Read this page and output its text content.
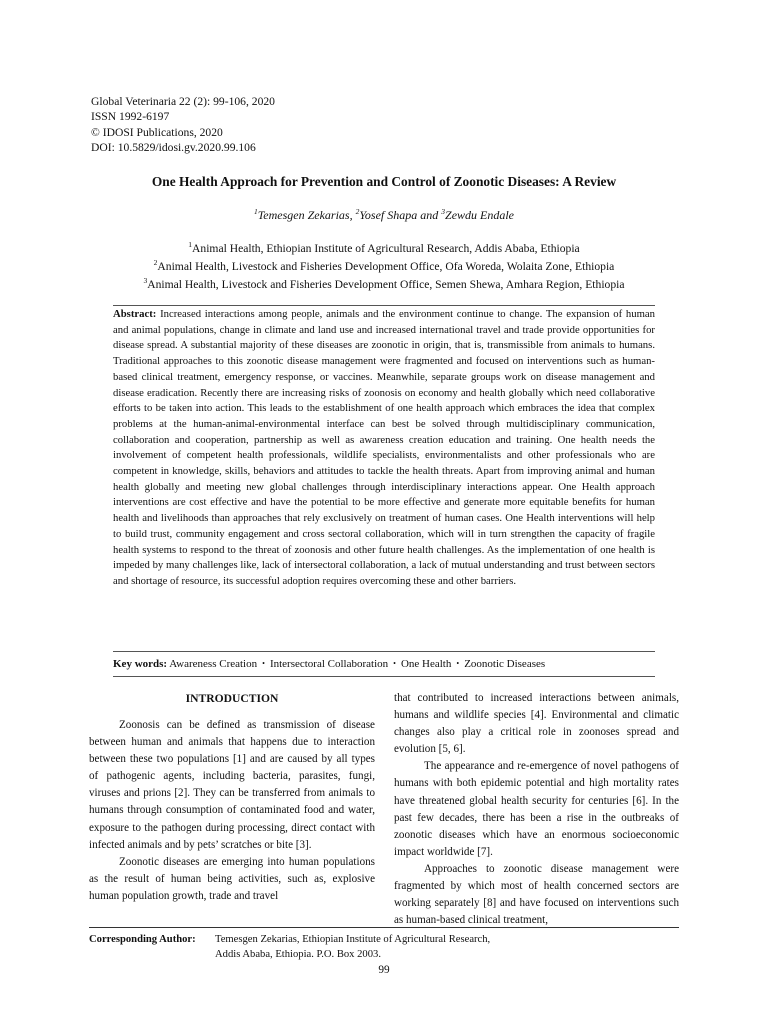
Global Veterinaria 22 (2): 99-106, 2020
ISSN 1992-6197
© IDOSI Publications, 2020
DOI: 10.5829/idosi.gv.2020.99.106
One Health Approach for Prevention and Control of Zoonotic Diseases: A Review
$^1$Temesgen Zekarias, $^2$Yosef Shapa and $^3$Zewdu Endale
$^1$Animal Health, Ethiopian Institute of Agricultural Research, Addis Ababa, Ethiopia
$^2$Animal Health, Livestock and Fisheries Development Office, Ofa Woreda, Wolaita Zone, Ethiopia
$^3$Animal Health, Livestock and Fisheries Development Office, Semen Shewa, Amhara Region, Ethiopia
Abstract: Increased interactions among people, animals and the environment continue to change. The expansion of human and animal populations, change in climate and land use and increased international travel and trade provide opportunities for disease spread. A substantial majority of these diseases are zoonotic in origin, that is, transmissible from animals to humans. Traditional approaches to this zoonotic disease management were fragmented and focused on interventions such as human-based clinical treatment, emergency response, or vaccines. Meanwhile, separate groups work on disease management and disease eradication. Recently there are increasing risks of zoonosis on economy and health globally which need collaborative efforts to be taken into action. This leads to the establishment of one health approach which embraces the idea that complex problems at the human-animal-environmental interface can best be solved through multidisciplinary communication, collaboration and cooperation, partnership as well as awareness creation education and training. One health needs the involvement of competent health professionals, wildlife specialists, environmentalists and other professionals who are competent in knowledge, skills, behaviors and attitudes to tackle the health threats. Apart from improving animal and human health globally and meeting new global challenges through interdisciplinary interactions appear. One Health approach interventions are cost effective and have the potential to be more effective and generate more equitable benefits for human health and livelihoods than approaches that rely exclusively on treatment of human cases. One Health interventions will help to build trust, community engagement and cross sectoral collaboration, which will in turn strengthen the capacity of fragile health systems to respond to the threat of zoonosis and other future health challenges. As the implementation of one health is impeded by many challenges like, lack of intersectoral collaboration, a lack of mutual understanding and trust between sectors and shortage of resource, its successful adoption requires overcoming these and other barriers.
Key words: Awareness Creation • Intersectoral Collaboration • One Health • Zoonotic Diseases

INTRODUCTION

Zoonosis can be defined as transmission of disease between human and animals that happens due to interaction between these two populations [1] and are caused by all types of pathogenic agents, including bacteria, parasites, fungi, viruses and prions [2]. They can be transferred from animals to humans through consumption of contaminated food and water, exposure to the pathogen during processing, direct contact with infected animals and by pets’ scratches or bite [3].

Zoonotic diseases are emerging into human populations as the result of human being activities, such as, explosive human population growth, trade and travel

that contributed to increased interactions between animals, humans and wildlife species [4]. Environmental and climatic changes also play a critical role in zoonoses spread and evolution [5, 6].

The appearance and re-emergence of novel pathogens of humans with both epidemic potential and high mortality rates have threatened global health security for centuries [6]. In the past few decades, there has been a rise in the outbreaks of zoonotic diseases which have an enormous socioeconomic impact worldwide [7].

Approaches to zoonotic disease management were fragmented by which most of health concerned sectors are working separately [8] and have focused on interventions such as human-based clinical treatment,

Corresponding Author: Temesgen Zekarias, Ethiopian Institute of Agricultural Research,
Addis Ababa, Ethiopia. P.O. Box 2003.
99
